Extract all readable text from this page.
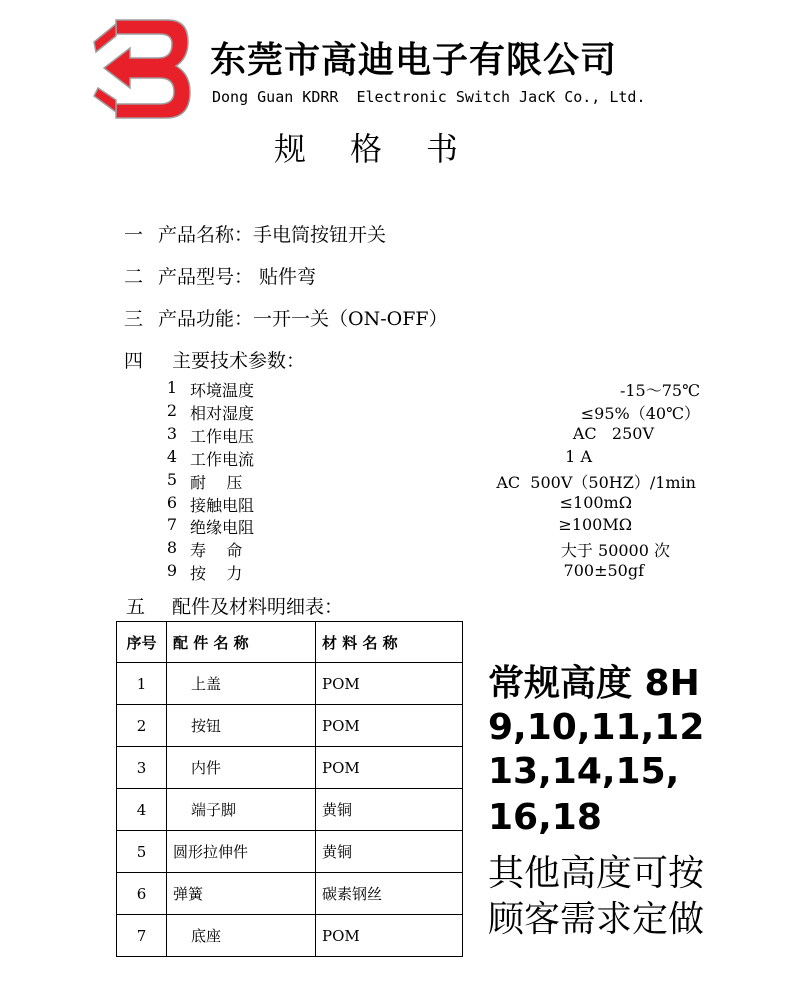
东莞市高迪电子有限公司
Dong Guan KDRR  Electronic Switch JacK Co., Ltd.
规格书
一 产品名称：手电筒按钮开关
二 产品型号： 贴件弯
三 产品功能：一开一关（ON-OFF）
四 主要技术参数：
1 环境温度	-15～75℃
2 相对湿度	≤95%（40℃）
3 工作电压	AC   250V
4 工作电流	1 A
5 耐    压	AC  500V（50HZ）/1min
6 接触电阻	≤100mΩ
7 绝缘电阻	≥100MΩ
8 寿    命	大于 50000 次
9 按    力	700±50gf
五 配件及材料明细表：
序号	配 件 名 称	材 料 名 称
1	上盖	POM
2	按钮	POM
3	内件	POM
4	端子脚	黄铜
5	圆形拉伸件	黄铜
6	弹簧	碳素钢丝
7	底座	POM
常规高度 8H
9,10,11,12
13,14,15,
16,18
其他高度可按
顾客需求定做
